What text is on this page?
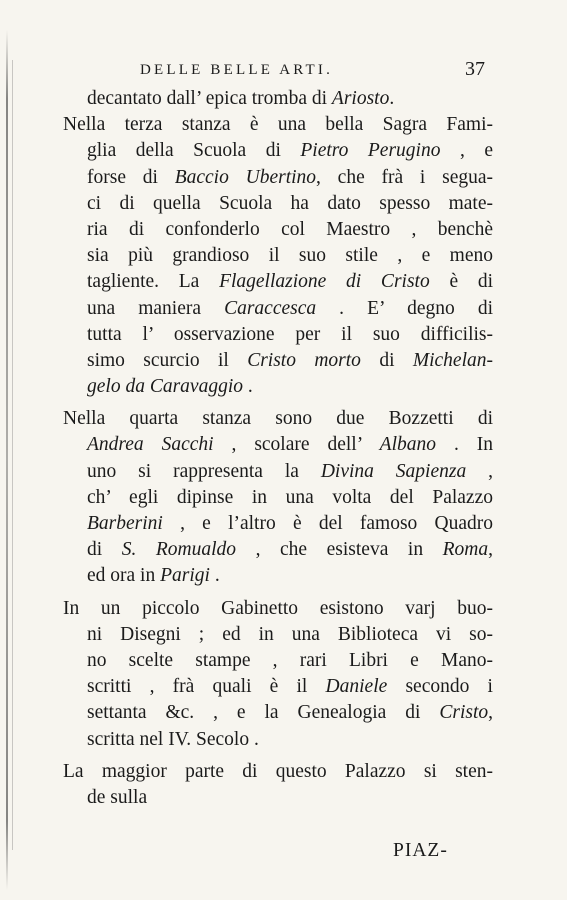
DELLE BELLE ARTI.	37
decantato dall’ epica tromba di Ariosto.
Nella terza stanza è una bella Sagra Fami-
glia della Scuola di Pietro Perugino , e
forse di Baccio Ubertino, che frà i segua-
ci di quella Scuola ha dato spesso mate-
ria di confonderlo col Maestro , benchè
sia più grandioso il suo stile , e meno
tagliente. La Flagellazione di Cristo è di
una maniera Caraccesca . E’ degno di
tutta l’ osservazione per il suo difficilis-
simo scurcio il Cristo morto di Michelan-
gelo da Caravaggio .
Nella quarta stanza sono due Bozzetti di
Andrea Sacchi , scolare dell’ Albano . In
uno si rappresenta la Divina Sapienza ,
ch’ egli dipinse in una volta del Palazzo
Barberini , e l’altro è del famoso Quadro
di S. Romualdo , che esisteva in Roma,
ed ora in Parigi .
In un piccolo Gabinetto esistono varj buo-
ni Disegni ; ed in una Biblioteca vi so-
no scelte stampe , rari Libri e Mano-
scritti , frà quali è il Daniele secondo i
settanta &c. , e la Genealogia di Cristo,
scritta nel IV. Secolo .
La maggior parte di questo Palazzo si sten-
de sulla
PIAZ-
